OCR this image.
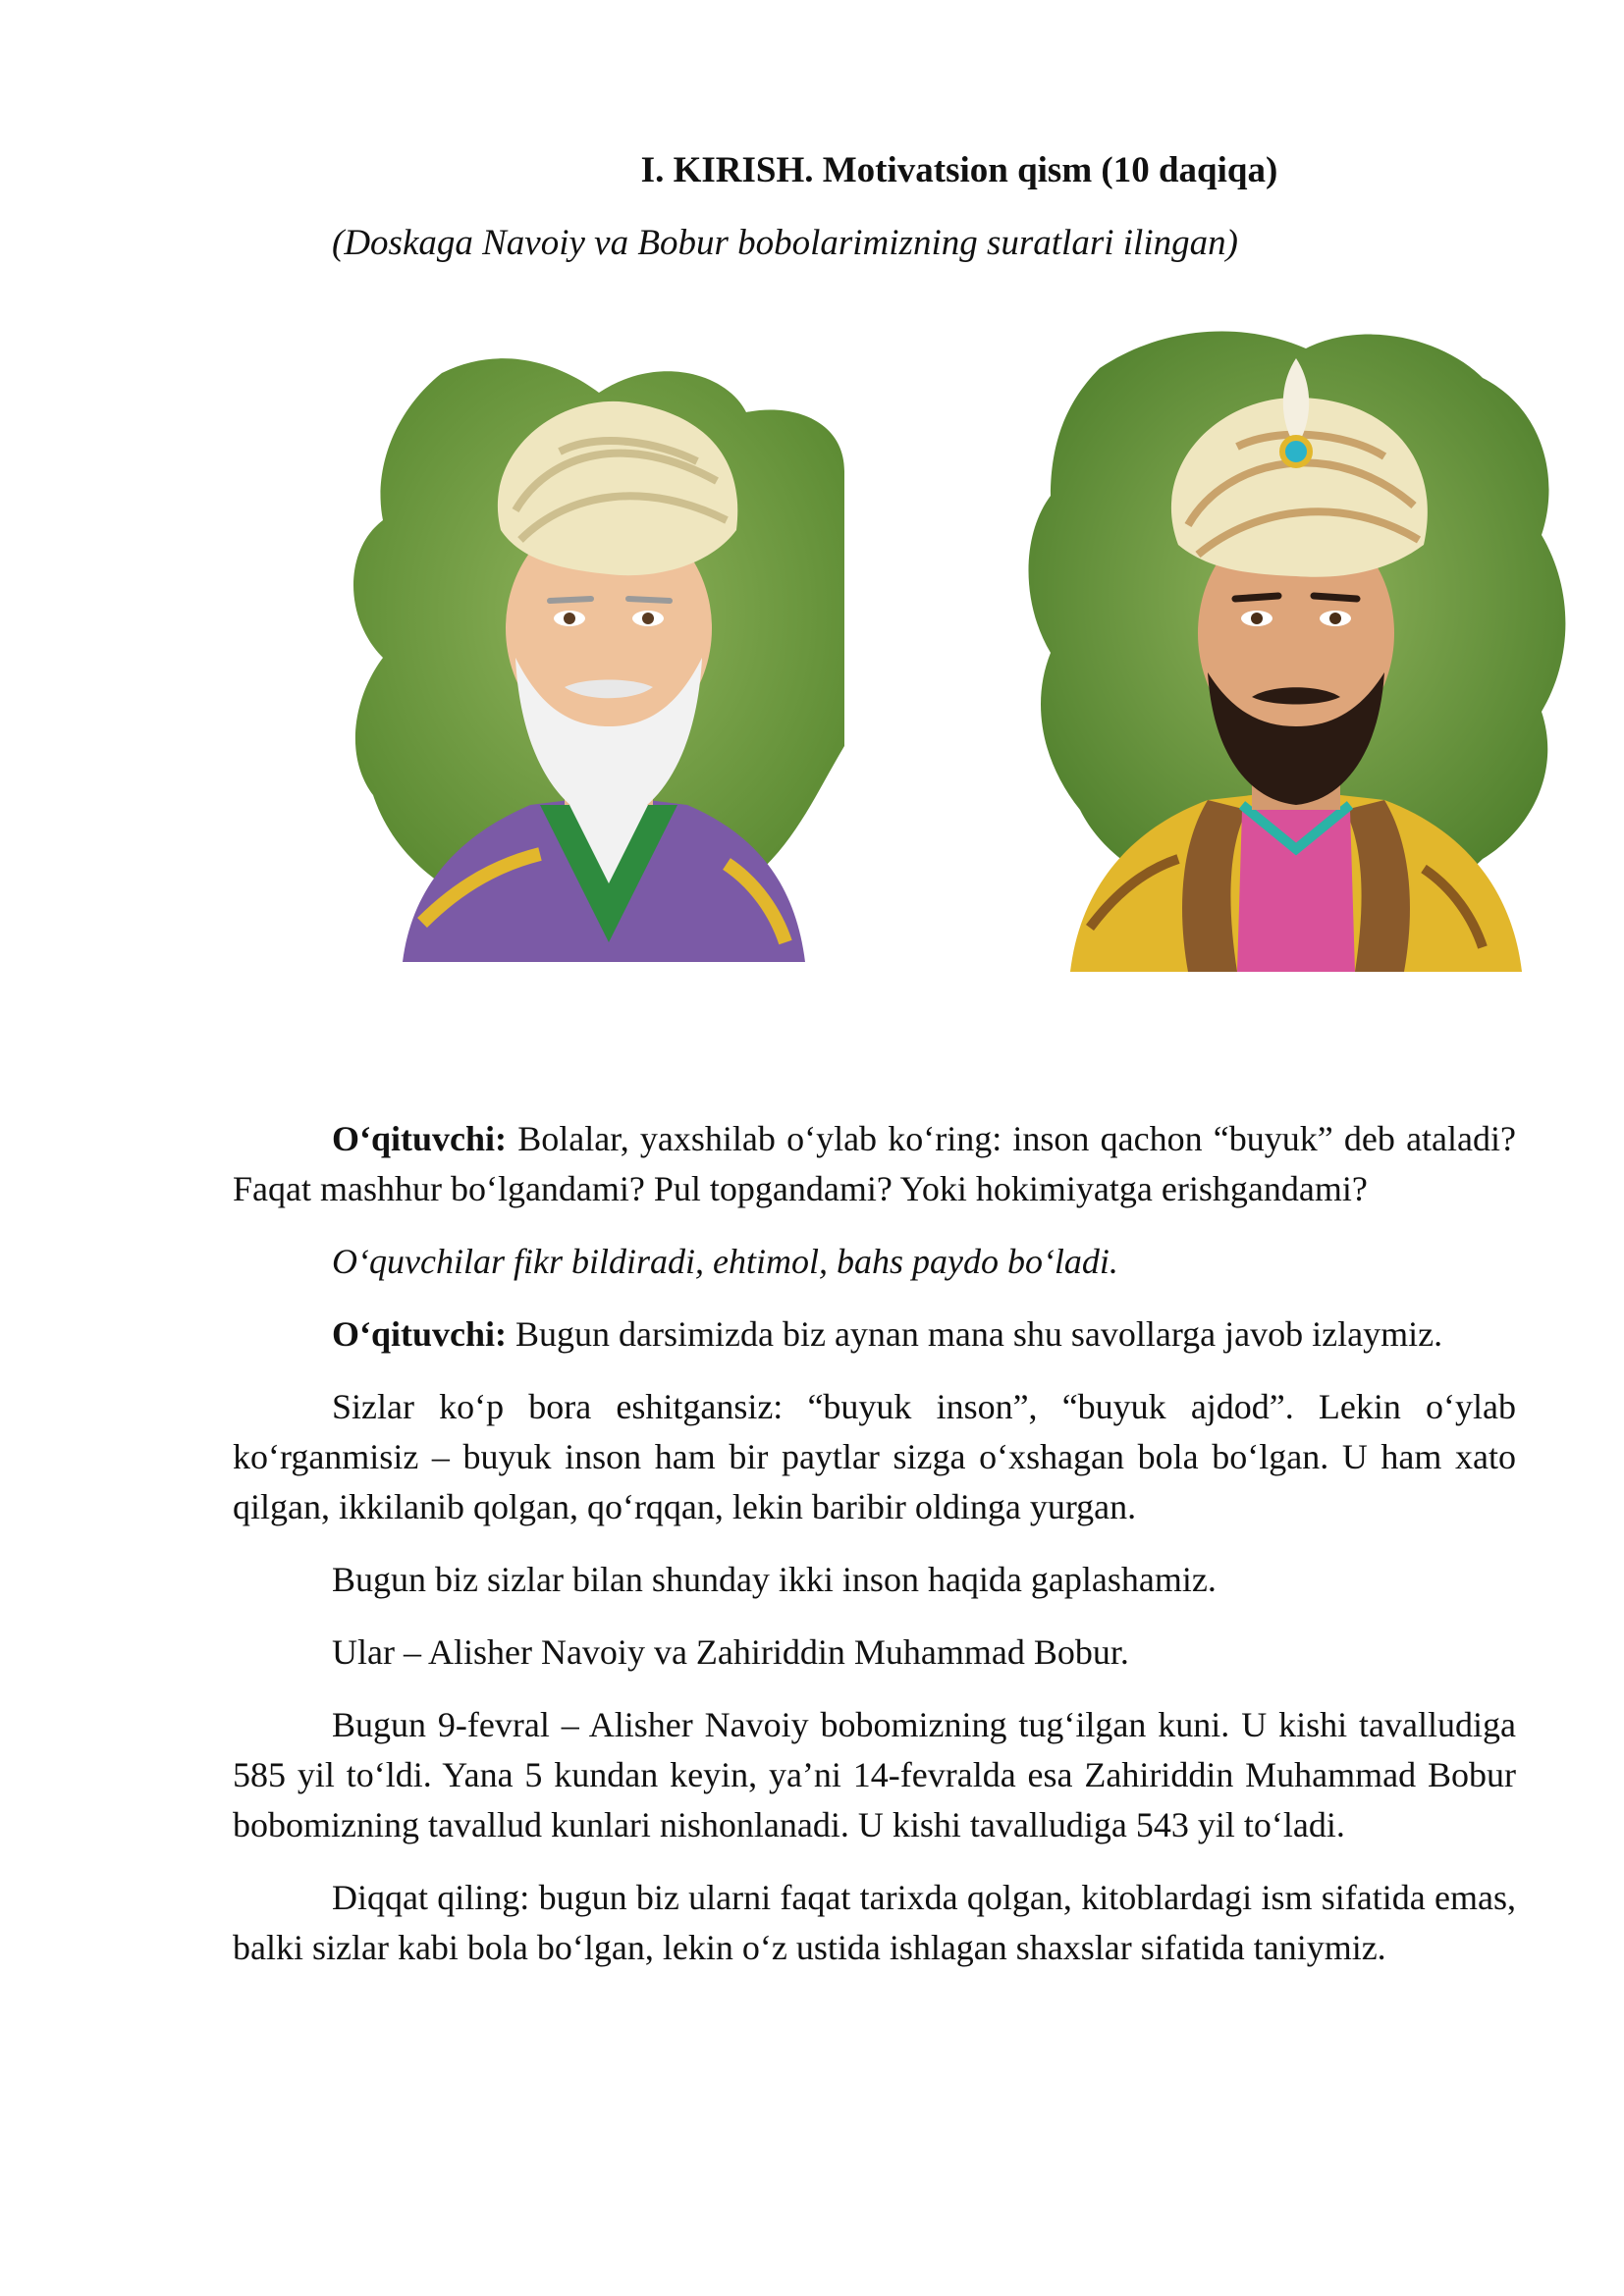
I. KIRISH. Motivatsion qism (10 daqiqa)
(Doskaga Navoiy va Bobur bobolarimizning suratlari ilingan)

O‘qituvchi: Bolalar, yaxshilab o‘ylab ko‘ring: inson qachon “buyuk” deb ataladi? Faqat mashhur bo‘lgandami? Pul topgandami? Yoki hokimiyatga erishgandami?

O‘quvchilar fikr bildiradi, ehtimol, bahs paydo bo‘ladi.

O‘qituvchi: Bugun darsimizda biz aynan mana shu savollarga javob izlaymiz.

Sizlar ko‘p bora eshitgansiz: “buyuk inson”, “buyuk ajdod”. Lekin o‘ylab ko‘rganmisiz – buyuk inson ham bir paytlar sizga o‘xshagan bola bo‘lgan. U ham xato qilgan, ikkilanib qolgan, qo‘rqqan, lekin baribir oldinga yurgan.

Bugun biz sizlar bilan shunday ikki inson haqida gaplashamiz.

Ular – Alisher Navoiy va Zahiriddin Muhammad Bobur.

Bugun 9-fevral – Alisher Navoiy bobomizning tug‘ilgan kuni. U kishi tavalludiga 585 yil to‘ldi. Yana 5 kundan keyin, ya’ni 14-fevralda esa Zahiriddin Muhammad Bobur bobomizning tavallud kunlari nishonlanadi. U kishi tavalludiga 543 yil to‘ladi.

Diqqat qiling: bugun biz ularni faqat tarixda qolgan, kitoblardagi ism sifatida emas, balki sizlar kabi bola bo‘lgan, lekin o‘z ustida ishlagan shaxslar sifatida taniymiz.
